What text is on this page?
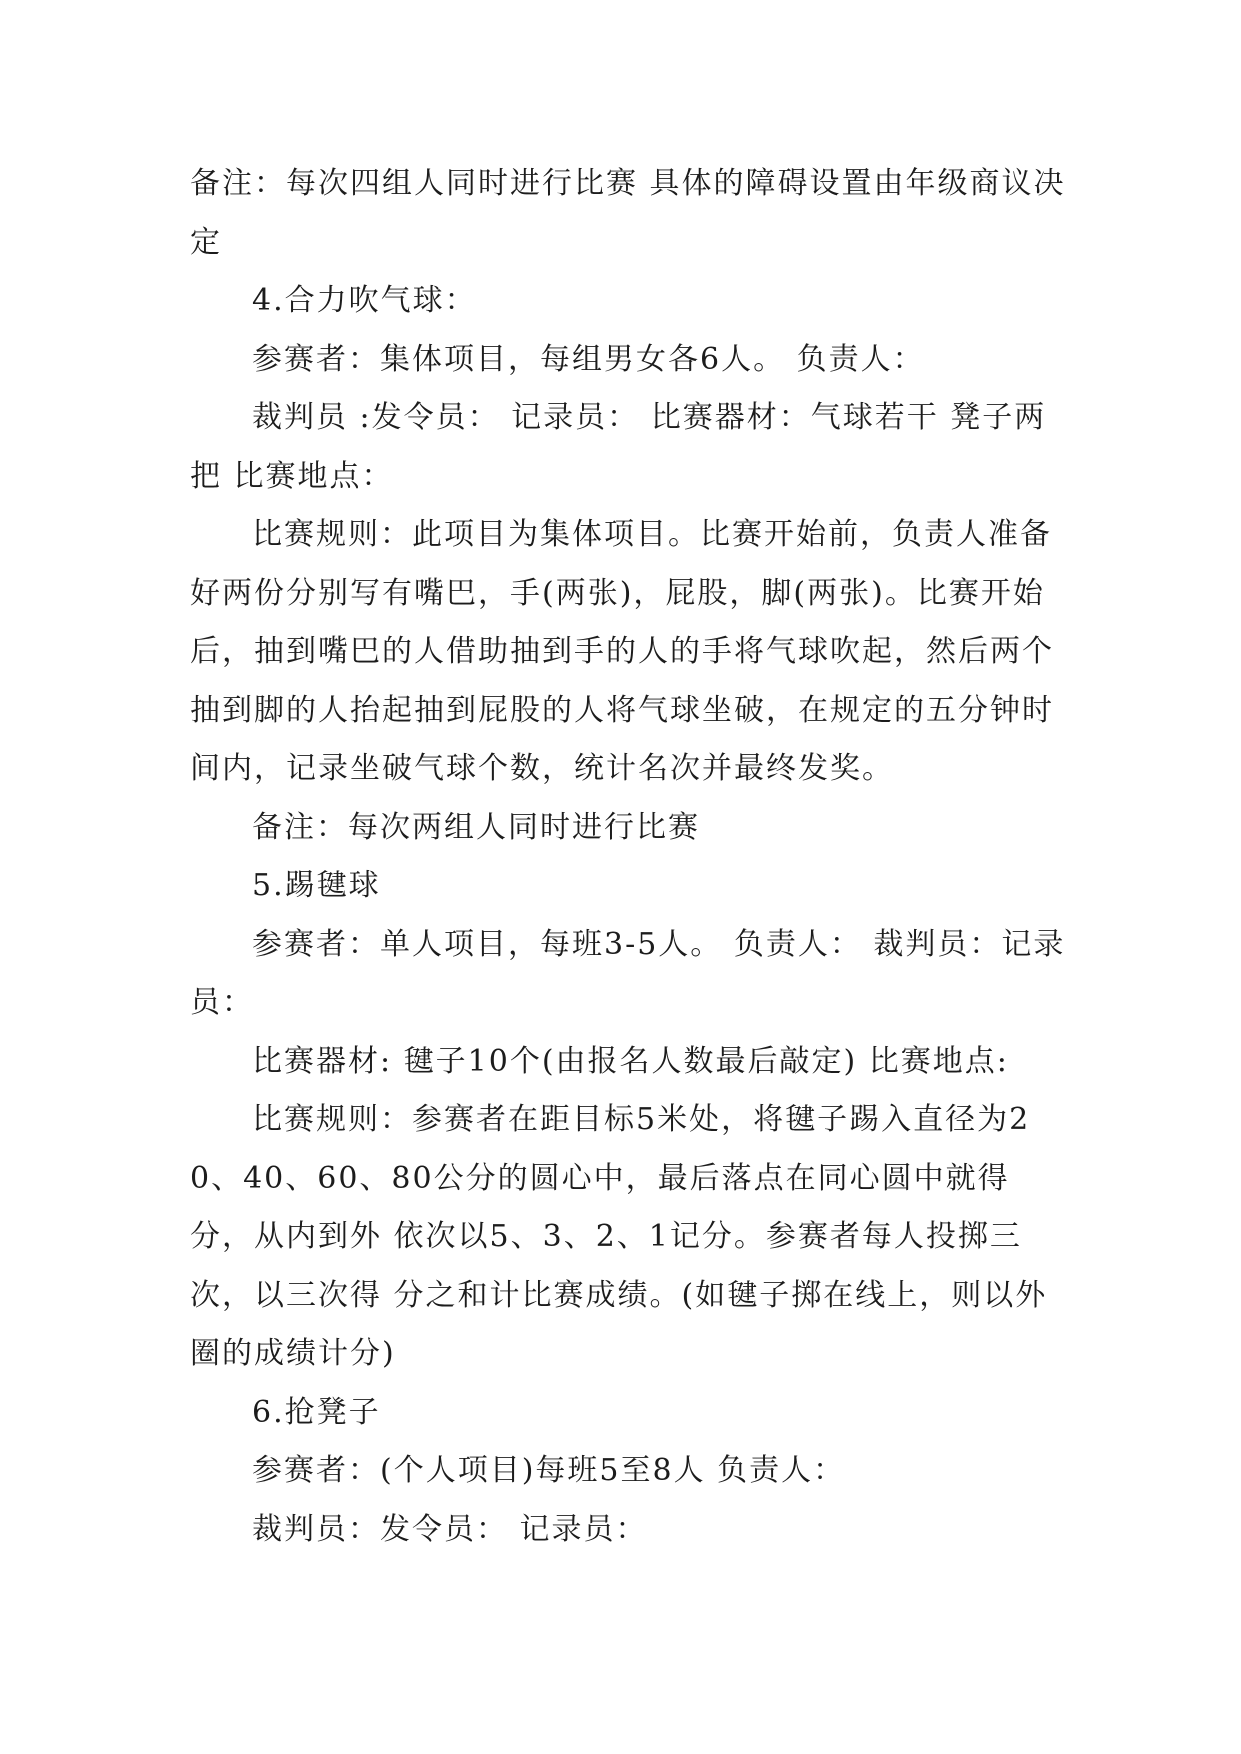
备注：每次四组人同时进行比赛 具体的障碍设置由年级商议决定

4.合力吹气球：

参赛者：集体项目，每组男女各6人。 负责人：

裁判员 :发令员： 记录员： 比赛器材：气球若干 凳子两把 比赛地点：

比赛规则：此项目为集体项目。比赛开始前，负责人准备好两份分别写有嘴巴，手(两张)，屁股，脚(两张)。比赛开始后，抽到嘴巴的人借助抽到手的人的手将气球吹起，然后两个抽到脚的人抬起抽到屁股的人将气球坐破，在规定的五分钟时间内，记录坐破气球个数，统计名次并最终发奖。

备注：每次两组人同时进行比赛

5.踢毽球

参赛者：单人项目，每班3-5人。 负责人： 裁判员：记录员：

比赛器材: 毽子10个(由报名人数最后敲定) 比赛地点:

比赛规则：参赛者在距目标5米处，将毽子踢入直径为20、40、60、80公分的圆心中，最后落点在同心圆中就得分，从内到外 依次以5、3、2、1记分。参赛者每人投掷三次，以三次得 分之和计比赛成绩。(如毽子掷在线上，则以外圈的成绩计分)

6.抢凳子

参赛者：(个人项目)每班5至8人 负责人：

裁判员：发令员： 记录员：
